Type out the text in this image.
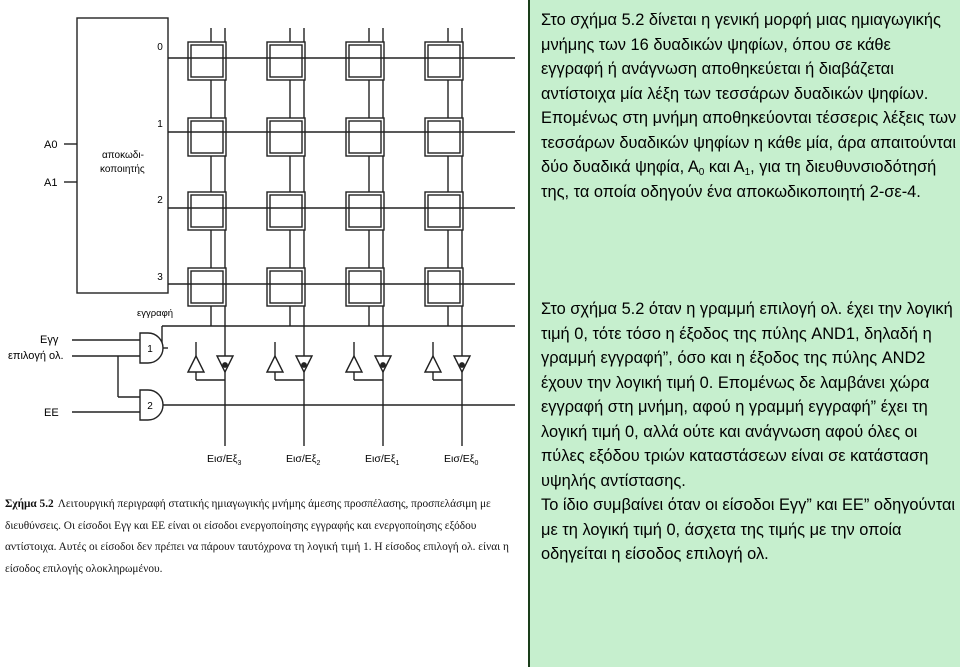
A0
A1
Εγγ
επιλογή ολ.
EE
αποκωδι-
κοποιητής
0
1
2
3
εγγραφή
1
2
Εισ/$E\xi_3$	Εισ/$E\xi_2$	Εισ/$E\xi_1$	Εισ/$E\xi_0$
Σχήμα 5.2 Λειτουργική περιγραφή στατικής ημιαγωγικής μνήμης άμεσης προσπέλασης, προσπελάσιμη με διευθύνσεις. Οι είσοδοι Εγγ και ΕΕ είναι οι είσοδοι ενεργοποίησης εγγραφής και ενεργοποίησης εξόδου αντίστοιχα. Αυτές οι είσοδοι δεν πρέπει να πάρουν ταυτόχρονα τη λογική τιμή 1. Η είσοδος επιλογή ολ. είναι η είσοδος επιλογής ολοκληρωμένου.

Στο σχήμα 5.2 δίνεται η γενική μορφή μιας ημιαγωγικής μνήμης των 16 δυαδικών ψηφίων, όπου σε κάθε εγγραφή ή ανάγνωση αποθηκεύεται ή διαβάζεται αντίστοιχα μία λέξη των τεσσάρων δυαδικών ψηφίων. Επομένως στη μνήμη αποθηκεύονται τέσσερις λέξεις των τεσσάρων δυαδικών ψηφίων η κάθε μία, άρα απαιτούνται δύο δυαδικά ψηφία, $A_0$ και $A_1$, για τη διευθυνσιοδότησή της, τα οποία οδηγούν ένα αποκωδικοποιητή 2-σε-4.

Στο σχήμα 5.2 όταν η γραμμή επιλογή ολ. έχει την λογική τιμή 0, τότε τόσο η έξοδος της πύλης AND1, δηλαδή η γραμμή εγγραφή”, όσο και η έξοδος της πύλης AND2 έχουν την λογική τιμή 0. Επομένως δε λαμβάνει χώρα εγγραφή στη μνήμη, αφού η γραμμή εγγραφή” έχει τη λογική τιμή 0, αλλά ούτε και ανάγνωση αφού όλες οι πύλες εξόδου τριών καταστάσεων είναι σε κατάσταση υψηλής αντίστασης.
Το ίδιο συμβαίνει όταν οι είσοδοι Εγγ” και ΕΕ” οδηγούνται με τη λογική τιμή 0, άσχετα της τιμής με την οποία οδηγείται η είσοδος επιλογή ολ.
